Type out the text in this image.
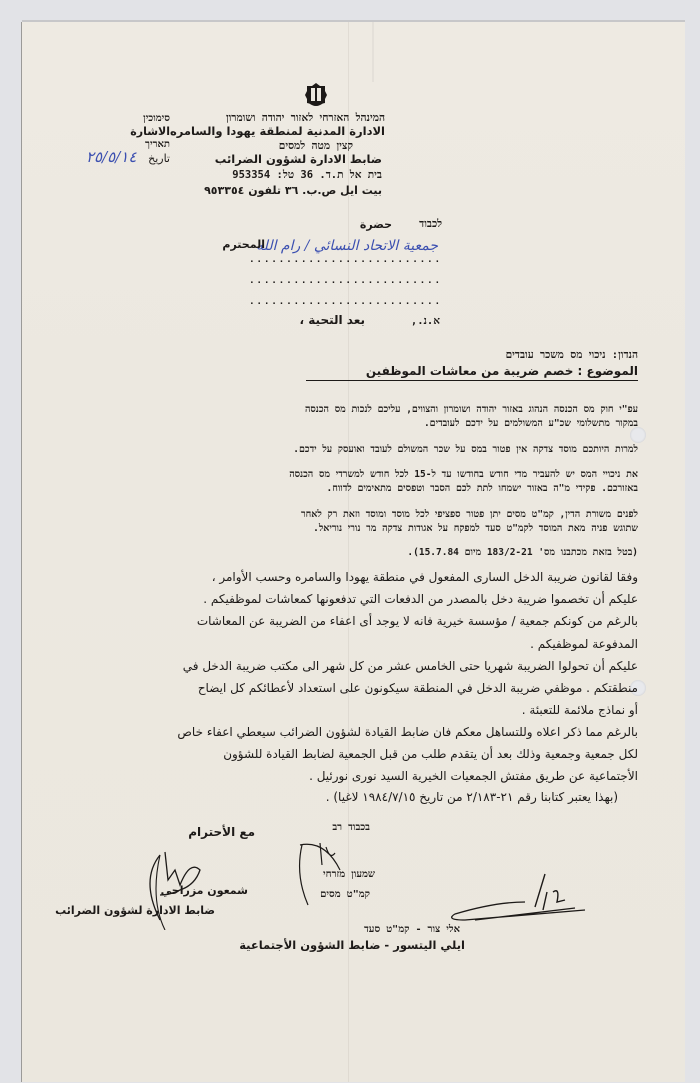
המינהל האזרחי לאזור יהודה ושומרון
الادارة المدنية لمنطقة يهودا والسامره
קצין מטה למסים
ضابط الادارة لشؤون الضرائب
בית אל ת.ד. 36 טל: 953354
بيت ايل ص.ب. ٣٦ تلفون ٩٥٣٣٥٤
סימוכין
الاشارة
תאריך
تاريخ
٢٥/٥/١٤
לכבוד
حضرة
جمعية الاتحاد النسائي / رام الله
المحترم
..........................
..........................
..........................
א.נ.,
بعد التحية ،
הנדון: ניכוי מס משכר עובדים
الموضوع : خصم ضريبة من معاشات الموظفين
עפ"י חוק מס הכנסה הנהוג באזור יהודה ושומרון והצווים, עליכם לנכות מס הכנסה
במקור מתשלומי שכ"ע המשולמים על ידכם לעובדים.
למרות היותכם מוסד צדקה אין פטור במס על שכר המשולם לעובד ואועסק על ידכם.
את ניכויי המס יש להעביר מדי חודש בחודשו עד ל-15 לכל חודש למשרדי מס הכנסה
באזורכם. פקידי מ"ה באזור ישמחו לתת לכם הסבר וטפסים מתאימים לדווח.
לפנים משורת הדין, קמ"ט מסים יתן פטור ספציפי לכל מוסד ומוסד וזאת רק לאחר
שתוגש פניה מאת המוסד לקמ"ט סעד למפקח על אגודות צדקה מר נורי נוריאל.
(בטל בזאת מכתבנו מס' 183/2-21 מיום 15.7.84).
وفقا لقانون ضريبة الدخل السارى المفعول في منطقة يهودا والسامره وحسب الأوامر ،
عليكم أن تخصموا ضريبة دخل بالمصدر من الدفعات التي تدفعونها كمعاشات لموظفيكم .
بالرغم من كونكم جمعية / مؤسسة خيرية فانه لا يوجد أى اعفاء من الضريبة عن المعاشات
المدفوعة لموظفيكم .
عليكم أن تحولوا الضريبة شهريا حتى الخامس عشر من كل شهر الى مكتب ضريبة الدخل في
منطقتكم . موظفي ضريبة الدخل في المنطقة سيكونون على استعداد لأعطائكم كل ايضاح
أو نماذج ملائمة للتعبئة .
بالرغم مما ذكر اعلاه وللتساهل معكم فان ضابط القيادة لشؤون الضرائب سيعطي اعفاء خاص
لكل جمعية وجمعية وذلك بعد أن يتقدم طلب من قبل الجمعية لضابط القيادة للشؤون
الأجتماعية عن طريق مفتش الجمعيات الخيرية السيد نورى نورئيل .
(بهذا يعتبر كتابنا رقم ٢١-٢/١٨٣ من تاريخ ١٩٨٤/٧/١٥ لاغيا) .
בכבוד רב
שמעון מזרחי
קמ"ט מסים
مع الأحترام
شمعون مزراحي
ضابط الادارة لشؤون الضرائب
אלי צור - קמ"ט סעד
ايلي اليتسور - ضابط الشؤون الأجتماعية
